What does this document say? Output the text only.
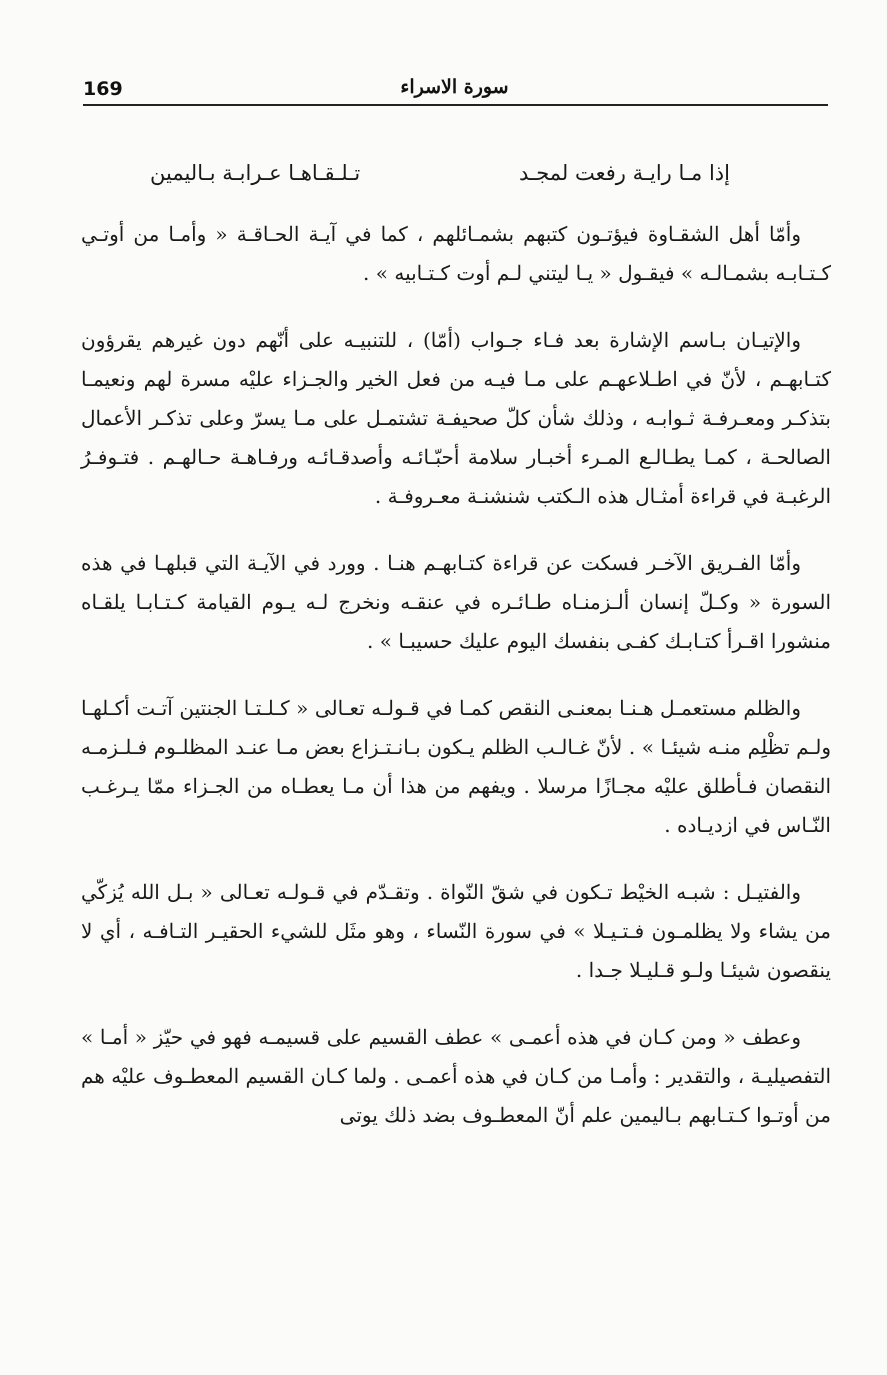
169	سورة الاسراء
إذا مـا رايـة رفعت لمجـد
تـلـقـاهـا عـرابـة بـاليمين

وأمّا أهل الشقـاوة فيؤتـون كتبهم بشمـائلهم ، كما في آيـة الحـاقـة « وأمـا من أوتـي كـتـابـه بشمـالـه » فيقـول « يـا ليتني لـم أوت كـتـابيه » .

والإتيـان بـاسم الإشارة بعد فـاء جـواب (أمّا) ، للتنبيـه على أنّهم دون غيرهم يقرؤون كتـابهـم ، لأنّ في اطـلاعهـم على مـا فيـه من فعل الخير والجـزاء عليْه مسرة لهم ونعيمـا بتذكـر ومعـرفـة ثـوابـه ، وذلك شأن كلّ صحيفـة تشتمـل على مـا يسرّ وعلى تذكـر الأعمال الصالحـة ، كمـا يطـالـع المـرء أخبـار سلامة أحبّـائـه وأصدقـائـه ورفـاهـة حـالهـم . فتـوفـرُ الرغبـة في قراءة أمثـال هذه الـكتب شنشنـة معـروفـة .

وأمّا الفـريق الآخـر فسكت عن قراءة كتـابهـم هنـا . وورد في الآيـة التي قبلهـا في هذه السورة « وكـلّ إنسان ألـزمنـاه طـائـره في عنقـه ونخرج لـه يـوم القيامة كـتـابـا يلقـاه منشورا اقـرأ كتـابـك كفـى بنفسك اليوم عليك حسيبـا » .

والظلم مستعمـل هـنـا بمعنـى النقص كمـا في قـولـه تعـالى « كـلـتـا الجنتين آتـت أكـلهـا ولـم تظْلِم منـه شيئـا » . لأنّ غـالـب الظلم يـكون بـانـتـزاع بعض مـا عنـد المظلـوم فـلـزمـه النقصان فـأطلق عليْه مجـازًا مرسلا . ويفهم من هذا أن مـا يعطـاه من الجـزاء ممّا يـرغـب النّـاس في ازديـاده .

والفتيـل : شبـه الخيْط تـكون في شقّ النّواة . وتقـدّم في قـولـه تعـالى « بـل الله يُزكّي من يشاء ولا يظلمـون فـتـيـلا » في سورة النّساء ، وهو مثَل للشيء الحقيـر التـافـه ، أي لا ينقصون شيئـا ولـو قـليـلا جـدا .

وعطف « ومن كـان في هذه أعمـى » عطف القسيم على قسيمـه فهو في حيّز « أمـا » التفصيليـة ، والتقدير : وأمـا من كـان في هذه أعمـى . ولما كـان القسيم المعطـوف عليْه هم من أوتـوا كـتـابهم بـاليمين علم أنّ المعطـوف بضد ذلك يوتى
